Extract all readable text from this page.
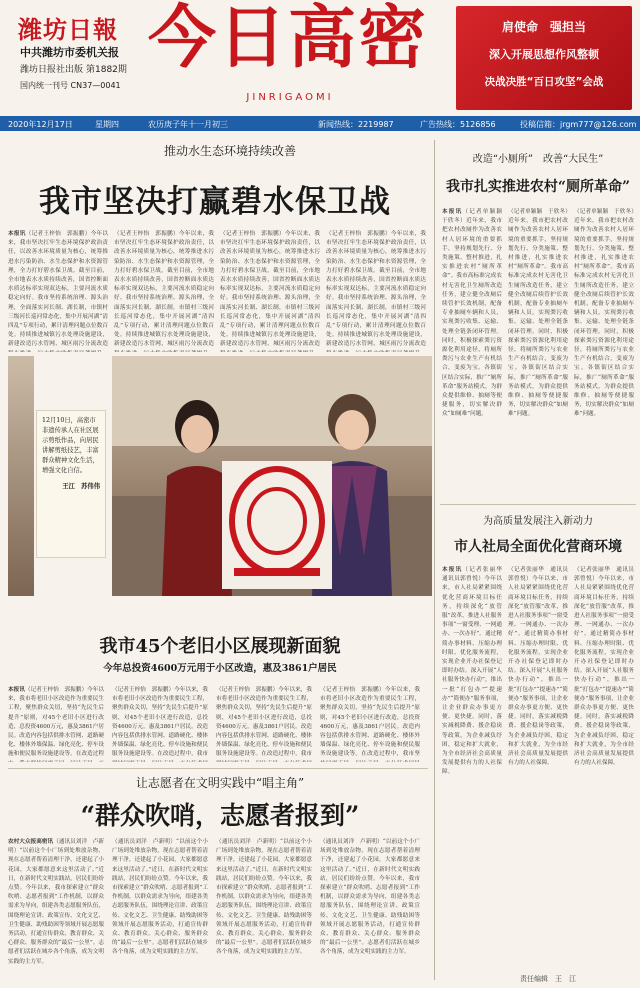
潍坊日報
中共潍坊市委机关报
潍坊日报社出版 第1882期
国内统一刊号 CN37—0041
今日高密
JINRIGAOMI
肩使命　强担当
深入开展思想作风整顿
决战决胜“百日攻坚”会战
2020年12月17日	星期四	农历庚子年十一月初三	新闻热线：2219987	广告热线：5126856	投稿信箱：jrgm777@126.com
推动水生态环境持续改善
我市坚决打赢碧水保卫战
本报讯（记者王梓怡　郭振鹏）今年以来，我市坚决扛牢生态环境保护政治责任，以改善水环境质量为核心，统筹推进水污染防治、水生态保护和水资源管理，全力打好碧水保卫战。截至目前，全市地表水水质持续改善，国省控断面水质达标率实现双达标，主要河流水质稳定向好。我市坚持系统治理、源头治理，全面落实河长制、湖长制，市镇村三级河长巡河常态化，集中开展河湖“清四乱”专项行动，累计清理问题点位数百处。持续推进城镇污水处理设施建设，新建改造污水管网，城区雨污分流改造
（记者王梓怡　郭振鹏）今年以来，我市坚决扛牢生态环境保护政治责任，以改善水环境质量为核心，统筹推进水污染防治、水生态保护和水资源管理，全力打好碧水保卫战。截至目前，全市地表水水质持续改善，国省控断面水质达标率实现双达标，主要河流水质稳定向好。我市坚持系统治理、源头治理，全面落实河长制、湖长制，市镇村三级河长巡河常态化，集中开展河湖“清四乱”专项行动，累计清理问题点位数百处。持续推进城镇污水处理设施建设，新建改造污水管网，城区雨污分流改造
（记者王梓怡　郭振鹏）今年以来，我市坚决扛牢生态环境保护政治责任，以改善水环境质量为核心，统筹推进水污染防治、水生态保护和水资源管理，全力打好碧水保卫战。截至目前，全市地表水水质持续改善，国省控断面水质达标率实现双达标，主要河流水质稳定向好。我市坚持系统治理、源头治理，全面落实河长制、湖长制，市镇村三级河长巡河常态化，集中开展河湖“清四乱”专项行动，累计清理问题点位数百处。持续推进城镇污水处理设施建设，新建改造污水管网，城区雨污分流改造
（记者王梓怡　郭振鹏）今年以来，我市坚决扛牢生态环境保护政治责任，以改善水环境质量为核心，统筹推进水污染防治、水生态保护和水资源管理，全力打好碧水保卫战。截至目前，全市地表水水质持续改善，国省控断面水质达标率实现双达标，主要河流水质稳定向好。我市坚持系统治理、源头治理，全面落实河长制、湖长制，市镇村三级河长巡河常态化，集中开展河湖“清四乱”专项行动，累计清理问题点位数百处。持续推进城镇污水处理设施建设，新建改造污水管网，城区雨污分流改造
12月10日，高密市非遗传承人在社区展示剪纸作品，向居民讲解剪纸技艺，丰富群众精神文化生活，增强文化自信。
王江　苏伟伟
我市45个老旧小区展现新面貌
今年总投资4600万元用于小区改造，惠及3861户居民
本报讯（记者王梓怡　郭振鹏）今年以来，我市将老旧小区改造作为重要民生工程，聚焦群众关切，坚持“先民生后提升”原则，对45个老旧小区进行改造，总投资4600万元，惠及3861户居民。改造内容包括供排水管网、道路硬化、楼体外墙保温、绿化亮化、停车设施和便民服务设施建设等。在改造过程
（记者王梓怡　郭振鹏）今年以来，我市将老旧小区改造作为重要民生工程，聚焦群众关切，坚持“先民生后提升”原则，对45个老旧小区进行改造，总投资4600万元，惠及3861户居民。改造内容包括供排水管网、道路硬化、楼体外墙保温、绿化亮化、停车设施和便民服务设施建设等。在改造过程中，我市
（记者王梓怡　郭振鹏）今年以来，我市将老旧小区改造作为重要民生工程，聚焦群众关切，坚持“先民生后提升”原则，对45个老旧小区进行改造，总投资4600万元，惠及3861户居民。改造内容包括供排水管网、道路硬化、楼体外墙保温、绿化亮化、停车设施和便民服务设施建设等。在改造过程中，我市
（记者王梓怡　郭振鹏）今年以来，我市将老旧小区改造作为重要民生工程，聚焦群众关切，坚持“先民生后提升”原则，对45个老旧小区进行改造，总投资4600万元，惠及3861户居民。改造内容包括供排水管网、道路硬化、楼体外墙保温、绿化亮化、停车设施和便民服务设施建设等。在改造过程中，我市坚
让志愿者在文明实践中“唱主角”
“群众吹哨，志愿者报到”
农村大众报高密讯（通讯员刘洋　卢新明）“以前这个小广场到处堆放杂物，现在志愿者帮着清理干净，还建起了小花园，大家都愿意来这里活动了。”近日，在新时代文明实践站，居民们纷纷点赞。今年以来，我市探索建立“群众吹哨、志愿者报到”工作机制，以群众需求为导向，组建各类志愿服务队伍，围绕理论宣讲、政策宣传、文化文艺、卫生健康、助残助困等领域开展志愿服务活动，打通宣传群众、教育群众、关心群众、服务群众的“最后一公里”。志愿者们活跃在城乡各个角落，成为文明实践的主力军。
（通讯员刘洋　卢新明）“以前这个小广场到处堆放杂物，现在志愿者帮着清理干净，还建起了小花园，大家都愿意来这里活动了。”近日，在新时代文明实践站，居民们纷纷点赞。今年以来，我市探索建立“群众吹哨、志愿者报到”工作机制，以群众需求为导向，组建各类志愿服务队伍，围绕理论宣讲、政策宣传、文化文艺、卫生健康、助残助困等领域开展志愿服务活动，打通宣传群众、教育群众、关心群众、服务群众的“最后一公里”。志愿者们活跃在城乡各个角落，成为文明实践的主力军。
（通讯员刘洋　卢新明）“以前这个小广场到处堆放杂物，现在志愿者帮着清理干净，还建起了小花园，大家都愿意来这里活动了。”近日，在新时代文明实践站，居民们纷纷点赞。今年以来，我市探索建立“群众吹哨、志愿者报到”工作机制，以群众需求为导向，组建各类志愿服务队伍，围绕理论宣讲、政策宣传、文化文艺、卫生健康、助残助困等领域开展志愿服务活动，打通宣传群众、教育群众、关心群众、服务群众的“最后一公里”。志愿者们活跃在城乡各个角落，成为文明实践的主力军。
（通讯员刘洋　卢新明）“以前这个小广场到处堆放杂物，现在志愿者帮着清理干净，还建起了小花园，大家都愿意来这里活动了。”近日，在新时代文明实践站，居民们纷纷点赞。今年以来，我市探索建立“群众吹哨、志愿者报到”工作机制，以群众需求为导向，组建各类志愿服务队伍，围绕理论宣讲、政策宣传、文化文艺、卫生健康、助残助困等领域开展志愿服务活动，打通宣传群众、教育群众、关心群众、服务群众的“最后一公里”。志愿者们活跃在城乡各个角落，成为文明实践的主力军。
改造“小厕所”　改善“大民生”
我市扎实推进农村“厕所革命”
本报讯（记者单颖颖　于欣冬）近年来，我市把农村改厕作为改善农村人居环境的重要抓手，坚持规划先行、分类施策、整村推进，扎实推进农村“厕所革命”。我市高标准完成农村无害化卫生厕所改造任务，建立健全改厕后续管护长效机制，配备专业抽厕车辆和人员，实现粪污收集、运输、处理全链条闭环管理。同时，积极探索粪污资源化利用途径，将厕所粪污与农业生产有机结合，变废为宝。各镇街区结合实际，推广“厕所革命”服务站模式，为群众提供维修、抽厕等便捷服务，切实解决群众“如厕难”问题。
（记者单颖颖　于欣冬）近年来，我市把农村改厕作为改善农村人居环境的重要抓手，坚持规划先行、分类施策、整村推进，扎实推进农村“厕所革命”。我市高标准完成农村无害化卫生厕所改造任务，建立健全改厕后续管护长效机制，配备专业抽厕车辆和人员，实现粪污收集、运输、处理全链条闭环管理。同时，积极探索粪污资源化利用途径，将厕所粪污与农业生产有机结合，变废为宝。各镇街区结合实际，推广“厕所革命”服务站模式，为群众提供维修、抽厕等便捷服务，切实解决群众“如厕难”问题。
（记者单颖颖　于欣冬）近年来，我市把农村改厕作为改善农村人居环境的重要抓手，坚持规划先行、分类施策、整村推进，扎实推进农村“厕所革命”。我市高标准完成农村无害化卫生厕所改造任务，建立健全改厕后续管护长效机制，配备专业抽厕车辆和人员，实现粪污收集、运输、处理全链条闭环管理。同时，积极探索粪污资源化利用途径，将厕所粪污与农业生产有机结合，变废为宝。各镇街区结合实际，推广“厕所革命”服务站模式，为群众提供维修、抽厕等便捷服务，切实解决群众“如厕难”问题。
为高质量发展注入新动力
市人社局全面优化营商环境
本报讯（记者张丽华　通讯员郭曾悦）今年以来，市人社局紧紧围绕优化营商环境目标任务，持续深化“放管服”改革，推进人社服务事项“一窗受理、一网通办、一次办好”。通过精简办事材料、压缩办理时限、优化服务流程，实现企业开办社保登记即时办结。深入开展“人社服务快办行动”，推出一批“打包办”“提速办”“简便办”服务事项，让企业群众办事更方便、更快捷。同时，落实减税降费、援企稳岗等政策，为企业减负纾困，稳定和扩大就业，为全市经济社会高质量发展提供有力的人社保障。
（记者张丽华　通讯员郭曾悦）今年以来，市人社局紧紧围绕优化营商环境目标任务，持续深化“放管服”改革，推进人社服务事项“一窗受理、一网通办、一次办好”。通过精简办事材料、压缩办理时限、优化服务流程，实现企业开办社保登记即时办结。深入开展“人社服务快办行动”，推出一批“打包办”“提速办”“简便办”服务事项，让企业群众办事更方便、更快捷。同时，落实减税降费、援企稳岗等政策，为企业减负纾困，稳定和扩大就业，为全市经济社会高质量发展提供有力的人社保障。
（记者张丽华　通讯员郭曾悦）今年以来，市人社局紧紧围绕优化营商环境目标任务，持续深化“放管服”改革，推进人社服务事项“一窗受理、一网通办、一次办好”。通过精简办事材料、压缩办理时限、优化服务流程，实现企业开办社保登记即时办结。深入开展“人社服务快办行动”，推出一批“打包办”“提速办”“简便办”服务事项，让企业群众办事更方便、更快捷。同时，落实减税降费、援企稳岗等政策，为企业减负纾困，稳定和扩大就业，为全市经济社会高质量发展提供有力的人社保障。
责任编辑　王　江
